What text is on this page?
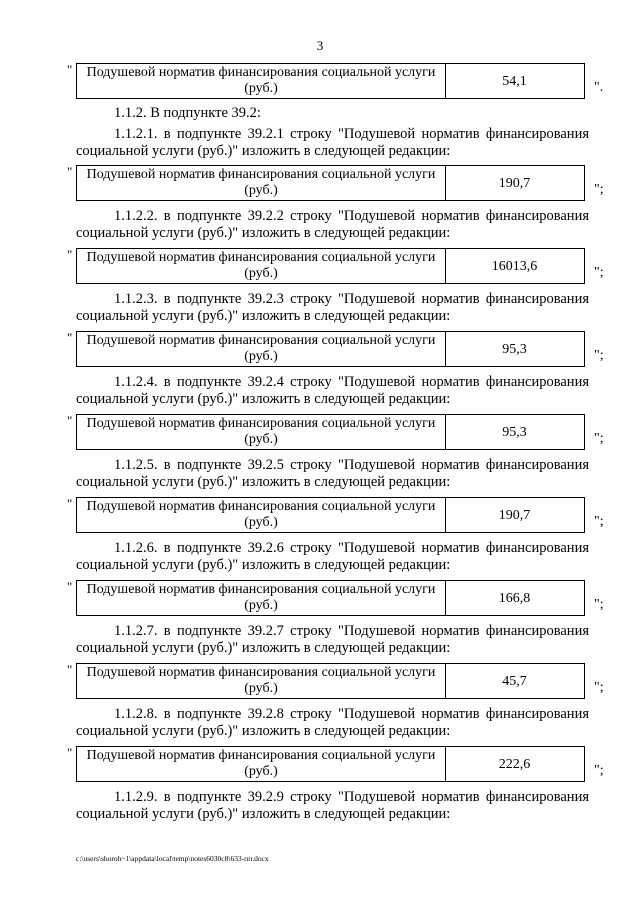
3
"	Подушевой норматив финансирования социальной услуги (руб.)	54,1	".

1.1.2. В подпункте 39.2:

1.1.2.1. в подпункте 39.2.1 строку "Подушевой норматив финансирования социальной услуги (руб.)" изложить в следующей редакции:

"	Подушевой норматив финансирования социальной услуги (руб.)	190,7	";

1.1.2.2. в подпункте 39.2.2 строку "Подушевой норматив финансирования социальной услуги (руб.)" изложить в следующей редакции:

"	Подушевой норматив финансирования социальной услуги (руб.)	16013,6	";

1.1.2.3. в подпункте 39.2.3 строку "Подушевой норматив финансирования социальной услуги (руб.)" изложить в следующей редакции:

"	Подушевой норматив финансирования социальной услуги (руб.)	95,3	";

1.1.2.4. в подпункте 39.2.4 строку "Подушевой норматив финансирования социальной услуги (руб.)" изложить в следующей редакции:

"	Подушевой норматив финансирования социальной услуги (руб.)	95,3	";

1.1.2.5. в подпункте 39.2.5 строку "Подушевой норматив финансирования социальной услуги (руб.)" изложить в следующей редакции:

"	Подушевой норматив финансирования социальной услуги (руб.)	190,7	";

1.1.2.6. в подпункте 39.2.6 строку "Подушевой норматив финансирования социальной услуги (руб.)" изложить в следующей редакции:

"	Подушевой норматив финансирования социальной услуги (руб.)	166,8	";

1.1.2.7. в подпункте 39.2.7 строку "Подушевой норматив финансирования социальной услуги (руб.)" изложить в следующей редакции:

"	Подушевой норматив финансирования социальной услуги (руб.)	45,7	";

1.1.2.8. в подпункте 39.2.8 строку "Подушевой норматив финансирования социальной услуги (руб.)" изложить в следующей редакции:

"	Подушевой норматив финансирования социальной услуги (руб.)	222,6	";

1.1.2.9. в подпункте 39.2.9 строку "Подушевой норматив финансирования социальной услуги (руб.)" изложить в следующей редакции:

c:\users\shoroh~1\appdata\local\temp\notes6030c8\633-пп.docx
